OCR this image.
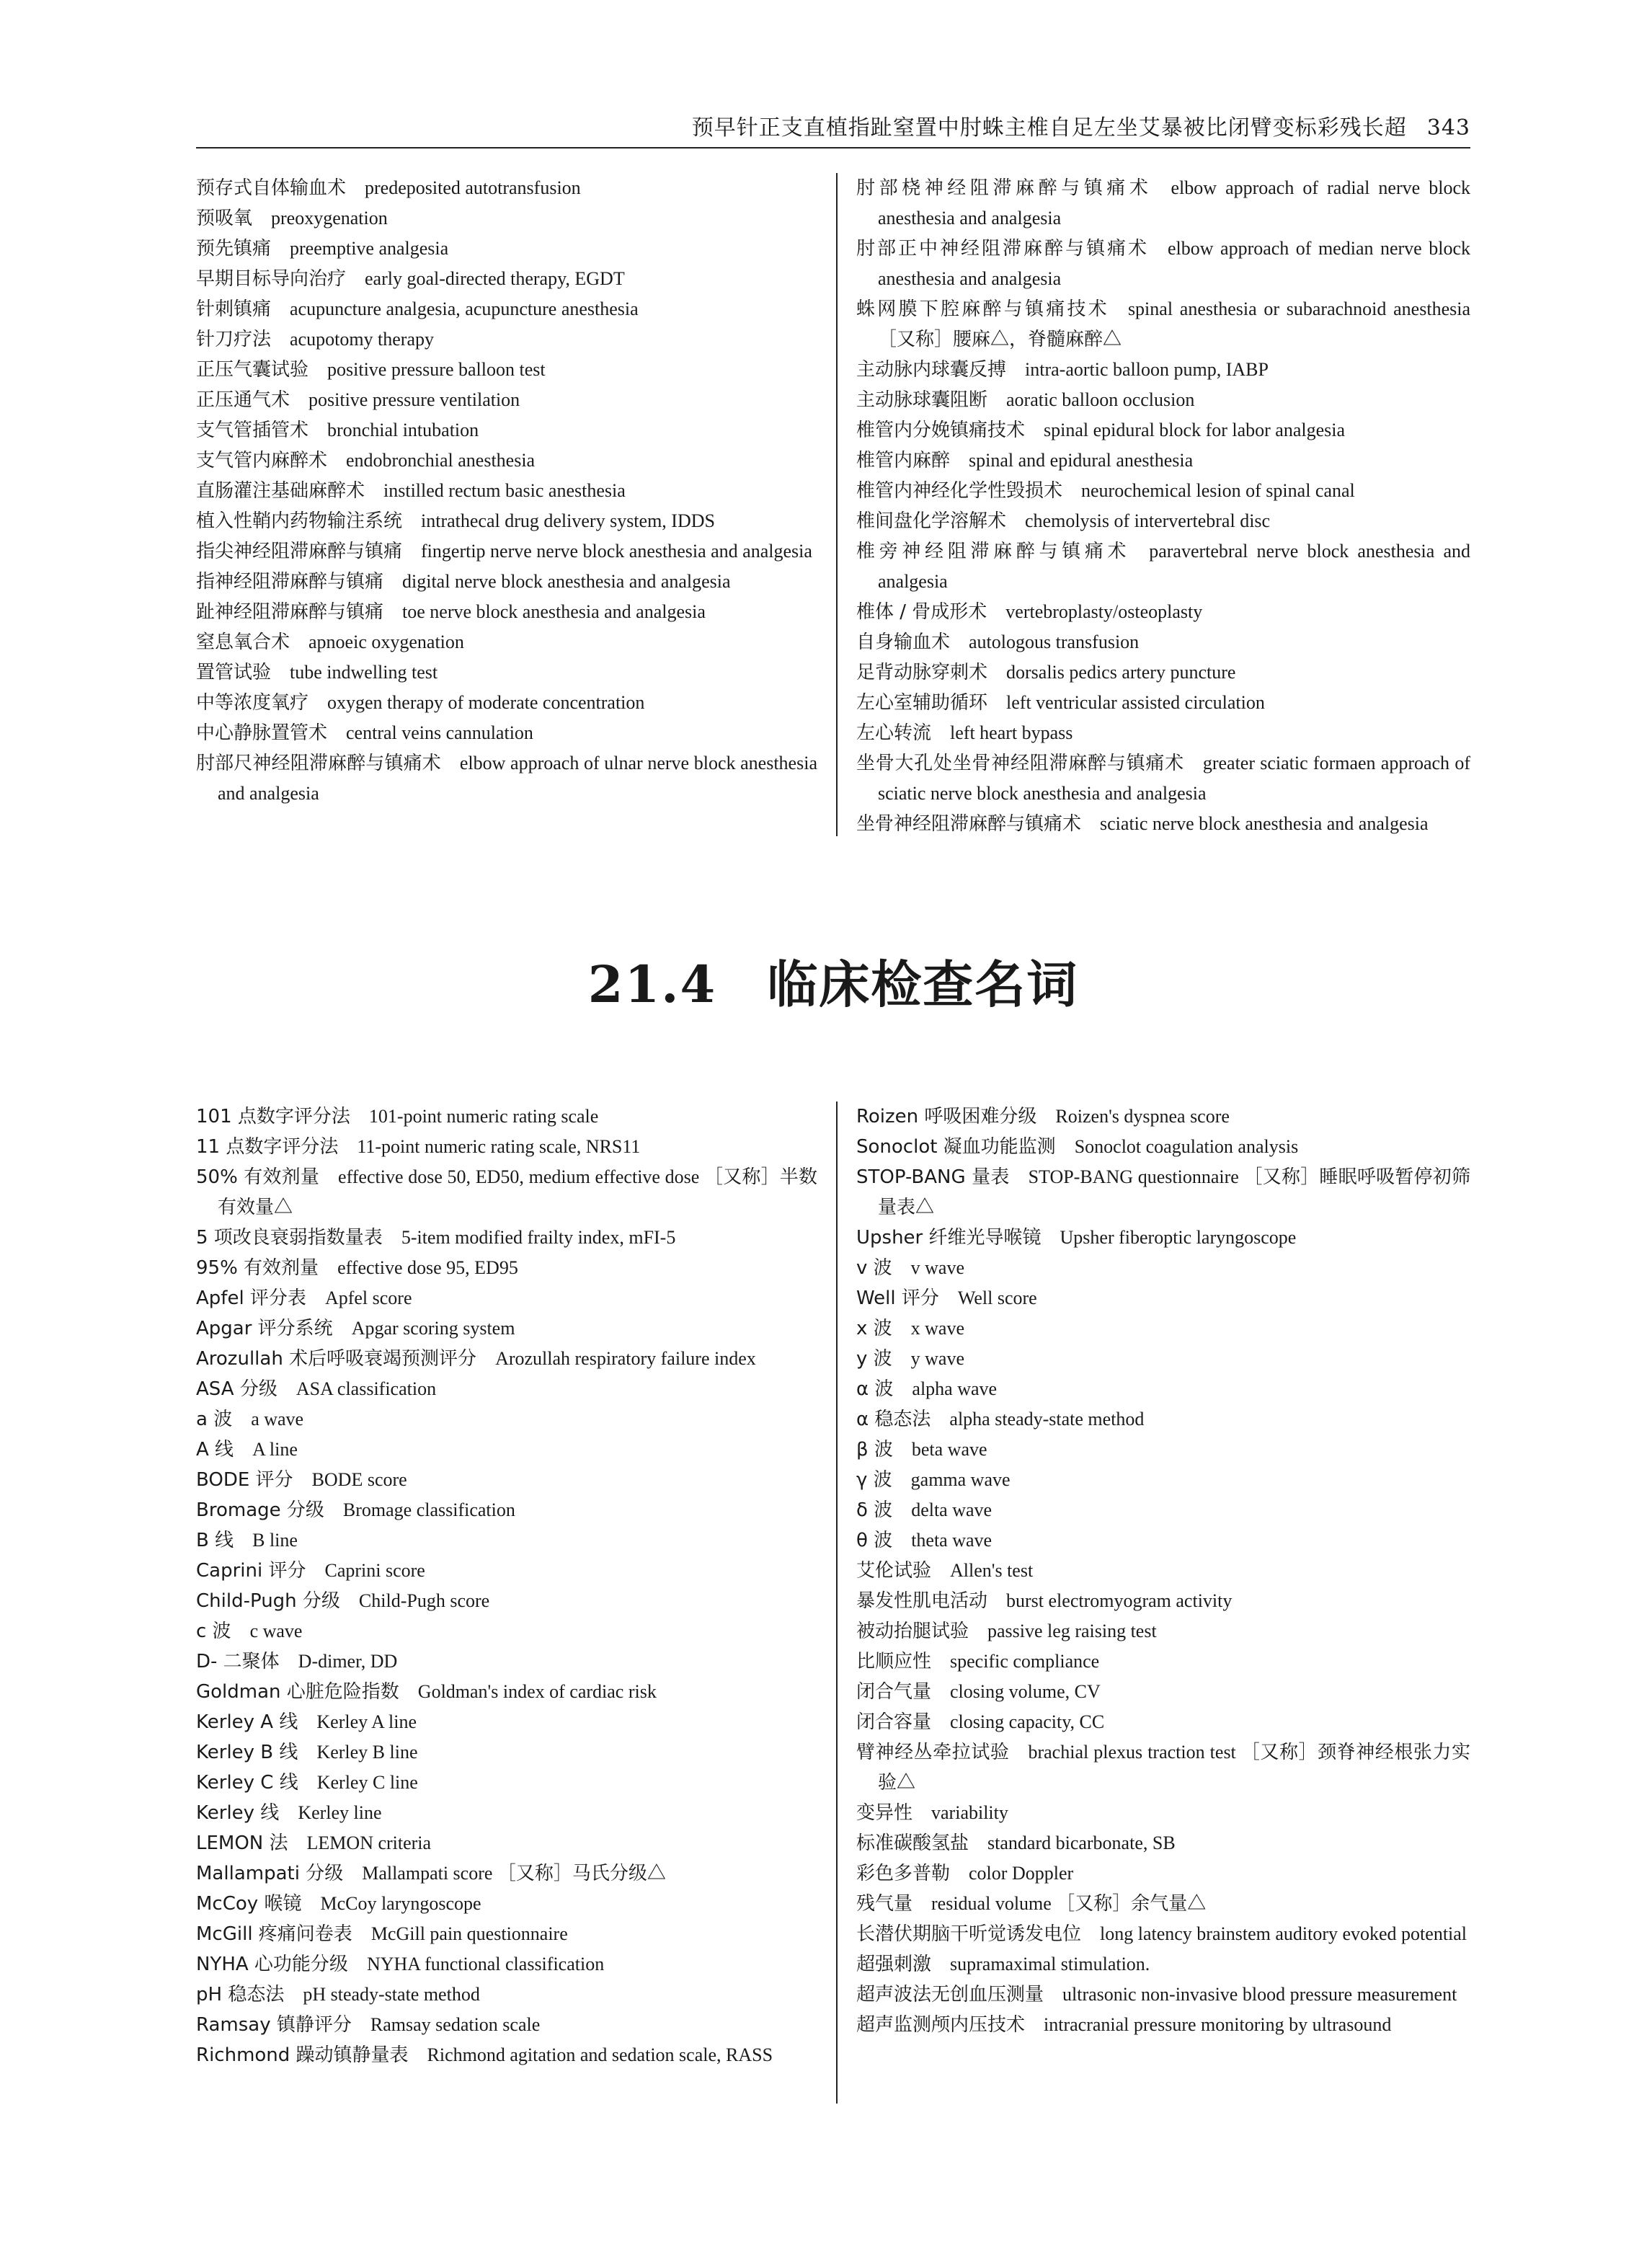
预早针正支直植指趾窒置中肘蛛主椎自足左坐艾暴被比闭臂变标彩残长超 343
预存式自体输血术 predeposited autotransfusion
预吸氧 preoxygenation
预先镇痛 preemptive analgesia
早期目标导向治疗 early goal-directed therapy, EGDT
针刺镇痛 acupuncture analgesia, acupuncture anesthesia
针刀疗法 acupotomy therapy
正压气囊试验 positive pressure balloon test
正压通气术 positive pressure ventilation
支气管插管术 bronchial intubation
支气管内麻醉术 endobronchial anesthesia
直肠灌注基础麻醉术 instilled rectum basic anesthesia
植入性鞘内药物输注系统 intrathecal drug delivery system, IDDS
指尖神经阻滞麻醉与镇痛 fingertip nerve nerve block anesthesia and analgesia
指神经阻滞麻醉与镇痛 digital nerve block anesthesia and analgesia
趾神经阻滞麻醉与镇痛 toe nerve block anesthesia and analgesia
窒息氧合术 apnoeic oxygenation
置管试验 tube indwelling test
中等浓度氧疗 oxygen therapy of moderate concentration
中心静脉置管术 central veins cannulation
肘部尺神经阻滞麻醉与镇痛术 elbow approach of ulnar nerve block anesthesia and analgesia
肘部桡神经阻滞麻醉与镇痛术 elbow approach of radial nerve block anesthesia and analgesia
肘部正中神经阻滞麻醉与镇痛术 elbow approach of median nerve block anesthesia and analgesia
蛛网膜下腔麻醉与镇痛技术 spinal anesthesia or subarachnoid anesthesia ［又称］腰麻△，脊髓麻醉△
主动脉内球囊反搏 intra-aortic balloon pump, IABP
主动脉球囊阻断 aoratic balloon occlusion
椎管内分娩镇痛技术 spinal epidural block for labor analgesia
椎管内麻醉 spinal and epidural anesthesia
椎管内神经化学性毁损术 neurochemical lesion of spinal canal
椎间盘化学溶解术 chemolysis of intervertebral disc
椎旁神经阻滞麻醉与镇痛术 paravertebral nerve block anesthesia and analgesia
椎体 / 骨成形术 vertebroplasty/osteoplasty
自身输血术 autologous transfusion
足背动脉穿刺术 dorsalis pedics artery puncture
左心室辅助循环 left ventricular assisted circulation
左心转流 left heart bypass
坐骨大孔处坐骨神经阻滞麻醉与镇痛术 greater sciatic formaen approach of sciatic nerve block anesthesia and analgesia
坐骨神经阻滞麻醉与镇痛术 sciatic nerve block anesthesia and analgesia
21.4 临床检查名词
101 点数字评分法 101-point numeric rating scale
11 点数字评分法 11-point numeric rating scale, NRS11
50% 有效剂量 effective dose 50, ED50, medium effective dose ［又称］半数有效量△
5 项改良衰弱指数量表 5-item modified frailty index, mFI-5
95% 有效剂量 effective dose 95, ED95
Apfel 评分表 Apfel score
Apgar 评分系统 Apgar scoring system
Arozullah 术后呼吸衰竭预测评分 Arozullah respiratory failure index
ASA 分级 ASA classification
a 波 a wave
A 线 A line
BODE 评分 BODE score
Bromage 分级 Bromage classification
B 线 B line
Caprini 评分 Caprini score
Child-Pugh 分级 Child-Pugh score
c 波 c wave
D- 二聚体 D-dimer, DD
Goldman 心脏危险指数 Goldman's index of cardiac risk
Kerley A 线 Kerley A line
Kerley B 线 Kerley B line
Kerley C 线 Kerley C line
Kerley 线 Kerley line
LEMON 法 LEMON criteria
Mallampati 分级 Mallampati score ［又称］马氏分级△
McCoy 喉镜 McCoy laryngoscope
McGill 疼痛问卷表 McGill pain questionnaire
NYHA 心功能分级 NYHA functional classification
pH 稳态法 pH steady-state method
Ramsay 镇静评分 Ramsay sedation scale
Richmond 躁动镇静量表 Richmond agitation and sedation scale, RASS
Roizen 呼吸困难分级 Roizen's dyspnea score
Sonoclot 凝血功能监测 Sonoclot coagulation analysis
STOP-BANG 量表 STOP-BANG questionnaire ［又称］睡眠呼吸暂停初筛量表△
Upsher 纤维光导喉镜 Upsher fiberoptic laryngoscope
v 波 v wave
Well 评分 Well score
x 波 x wave
y 波 y wave
α 波 alpha wave
α 稳态法 alpha steady-state method
β 波 beta wave
γ 波 gamma wave
δ 波 delta wave
θ 波 theta wave
艾伦试验 Allen's test
暴发性肌电活动 burst electromyogram activity
被动抬腿试验 passive leg raising test
比顺应性 specific compliance
闭合气量 closing volume, CV
闭合容量 closing capacity, CC
臂神经丛牵拉试验 brachial plexus traction test ［又称］颈脊神经根张力实验△
变异性 variability
标准碳酸氢盐 standard bicarbonate, SB
彩色多普勒 color Doppler
残气量 residual volume ［又称］余气量△
长潜伏期脑干听觉诱发电位 long latency brainstem auditory evoked potential
超强刺激 supramaximal stimulation.
超声波法无创血压测量 ultrasonic non-invasive blood pressure measurement
超声监测颅内压技术 intracranial pressure monitoring by ultrasound
